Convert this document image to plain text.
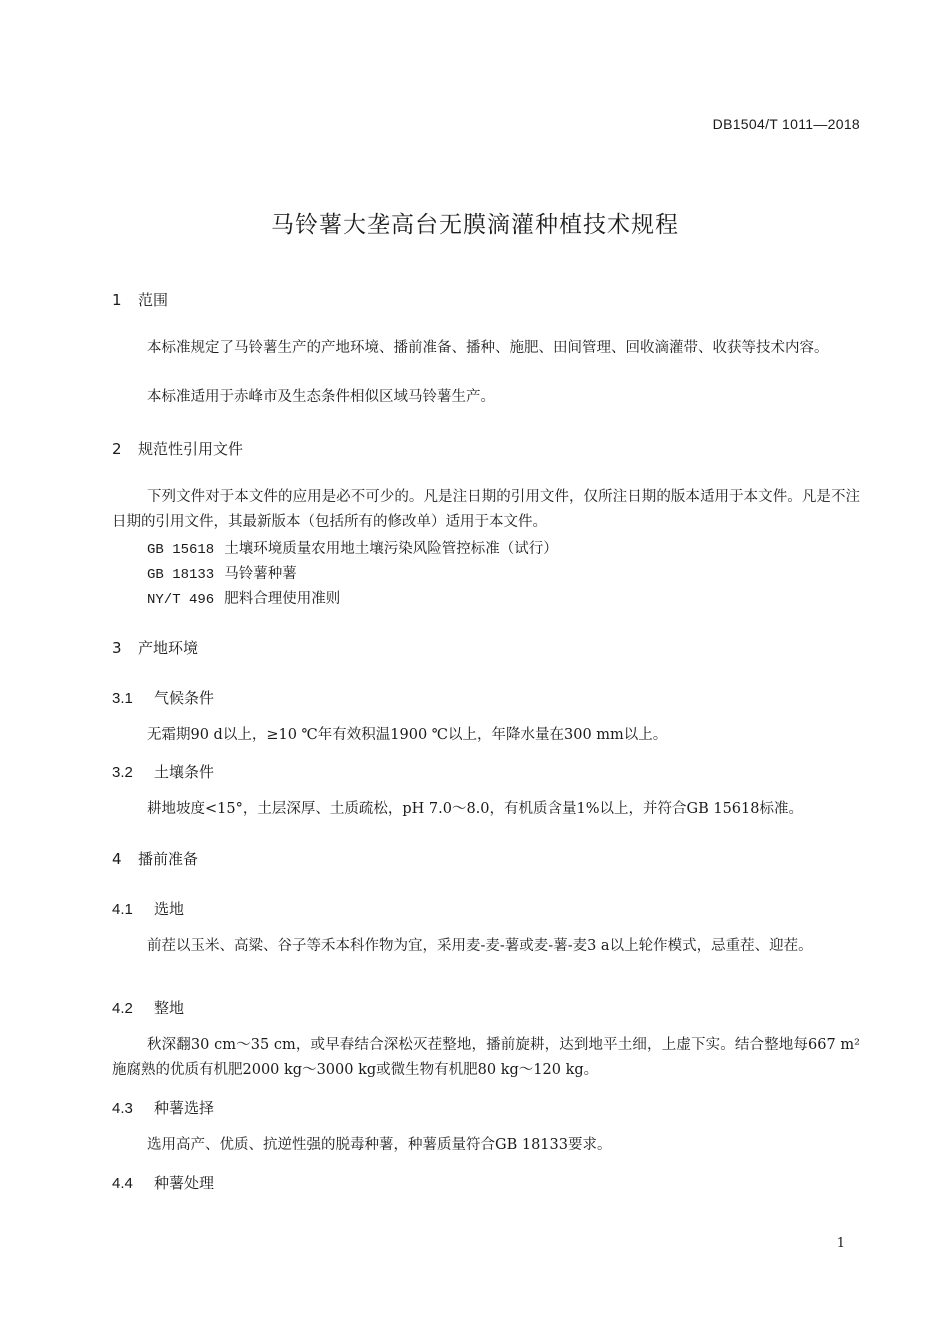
DB1504/T 1011—2018
马铃薯大垄高台无膜滴灌种植技术规程
1 范围
本标准规定了马铃薯生产的产地环境、播前准备、播种、施肥、田间管理、回收滴灌带、收获等技术内容。
本标准适用于赤峰市及生态条件相似区域马铃薯生产。
2 规范性引用文件
下列文件对于本文件的应用是必不可少的。凡是注日期的引用文件，仅所注日期的版本适用于本文件。凡是不注日期的引用文件，其最新版本（包括所有的修改单）适用于本文件。
GB 15618 土壤环境质量农用地土壤污染风险管控标准（试行）
GB 18133 马铃薯种薯
NY/T 496 肥料合理使用准则
3 产地环境
3.1 气候条件
无霜期90 d以上，≥10 ℃年有效积温1900 ℃以上，年降水量在300 mm以上。
3.2 土壤条件
耕地坡度<15°，土层深厚、土质疏松，pH 7.0～8.0，有机质含量1%以上，并符合GB 15618标准。
4 播前准备
4.1 选地
前茬以玉米、高粱、谷子等禾本科作物为宜，采用麦-麦-薯或麦-薯-麦3 a以上轮作模式，忌重茬、迎茬。
4.2 整地
秋深翻30 cm～35 cm，或早春结合深松灭茬整地，播前旋耕，达到地平土细，上虚下实。结合整地每667 m²施腐熟的优质有机肥2000 kg～3000 kg或微生物有机肥80 kg～120 kg。
4.3 种薯选择
选用高产、优质、抗逆性强的脱毒种薯，种薯质量符合GB 18133要求。
4.4 种薯处理
1
